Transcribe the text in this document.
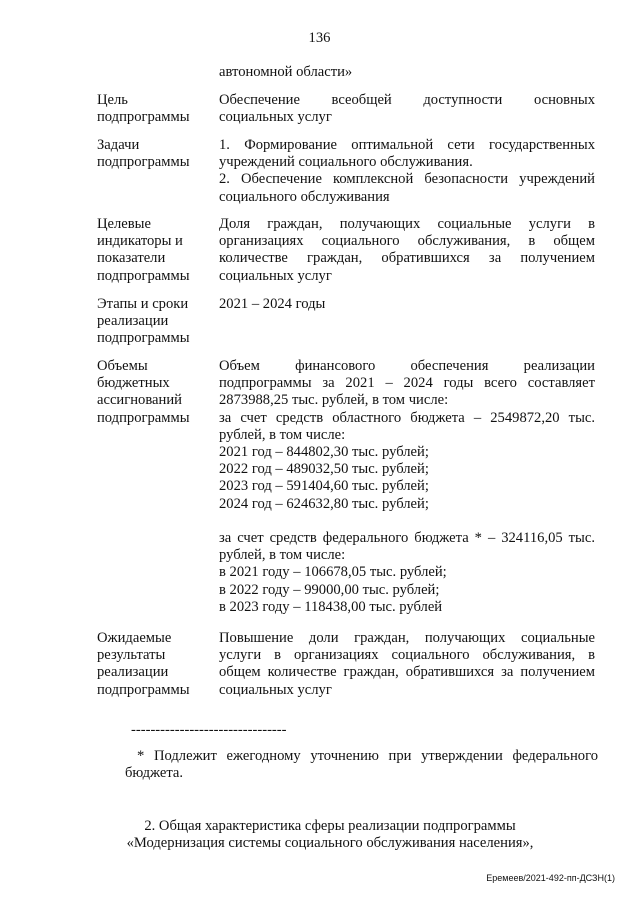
136
автономной области»
Цель
подпрограммы
Обеспечение всеобщей доступности основных
социальных услуг
Задачи
подпрограммы
1. Формирование оптимальной сети государственных
учреждений социального обслуживания.
2. Обеспечение комплексной безопасности учреждений
социального обслуживания
Целевые
индикаторы и
показатели
подпрограммы
Доля граждан, получающих социальные услуги в
организациях социального обслуживания, в общем
количестве граждан, обратившихся за получением
социальных услуг
Этапы и сроки
реализации
подпрограммы
2021 – 2024 годы
Объемы
бюджетных
ассигнований
подпрограммы
Объем финансового обеспечения реализации
подпрограммы за 2021 – 2024 годы всего составляет
2873988,25 тыс. рублей, в том числе:
за счет средств областного бюджета – 2549872,20 тыс.
рублей, в том числе:
2021 год – 844802,30 тыс. рублей;
2022 год – 489032,50 тыс. рублей;
2023 год – 591404,60 тыс. рублей;
2024 год – 624632,80 тыс. рублей;
за счет средств федерального бюджета * – 324116,05 тыс.
рублей, в том числе:
в 2021 году – 106678,05 тыс. рублей;
в 2022 году – 99000,00 тыс. рублей;
в 2023 году – 118438,00 тыс. рублей
Ожидаемые
результаты
реализации
подпрограммы
Повышение доли граждан, получающих социальные
услуги в организациях социального обслуживания, в
общем количестве граждан, обратившихся за получением
социальных услуг
--------------------------------
* Подлежит ежегодному уточнению при утверждении федерального бюджета.
2. Общая характеристика сферы реализации подпрограммы
«Модернизация системы социального обслуживания населения»,
Еремеев/2021-492-пп-ДСЗН(1)
